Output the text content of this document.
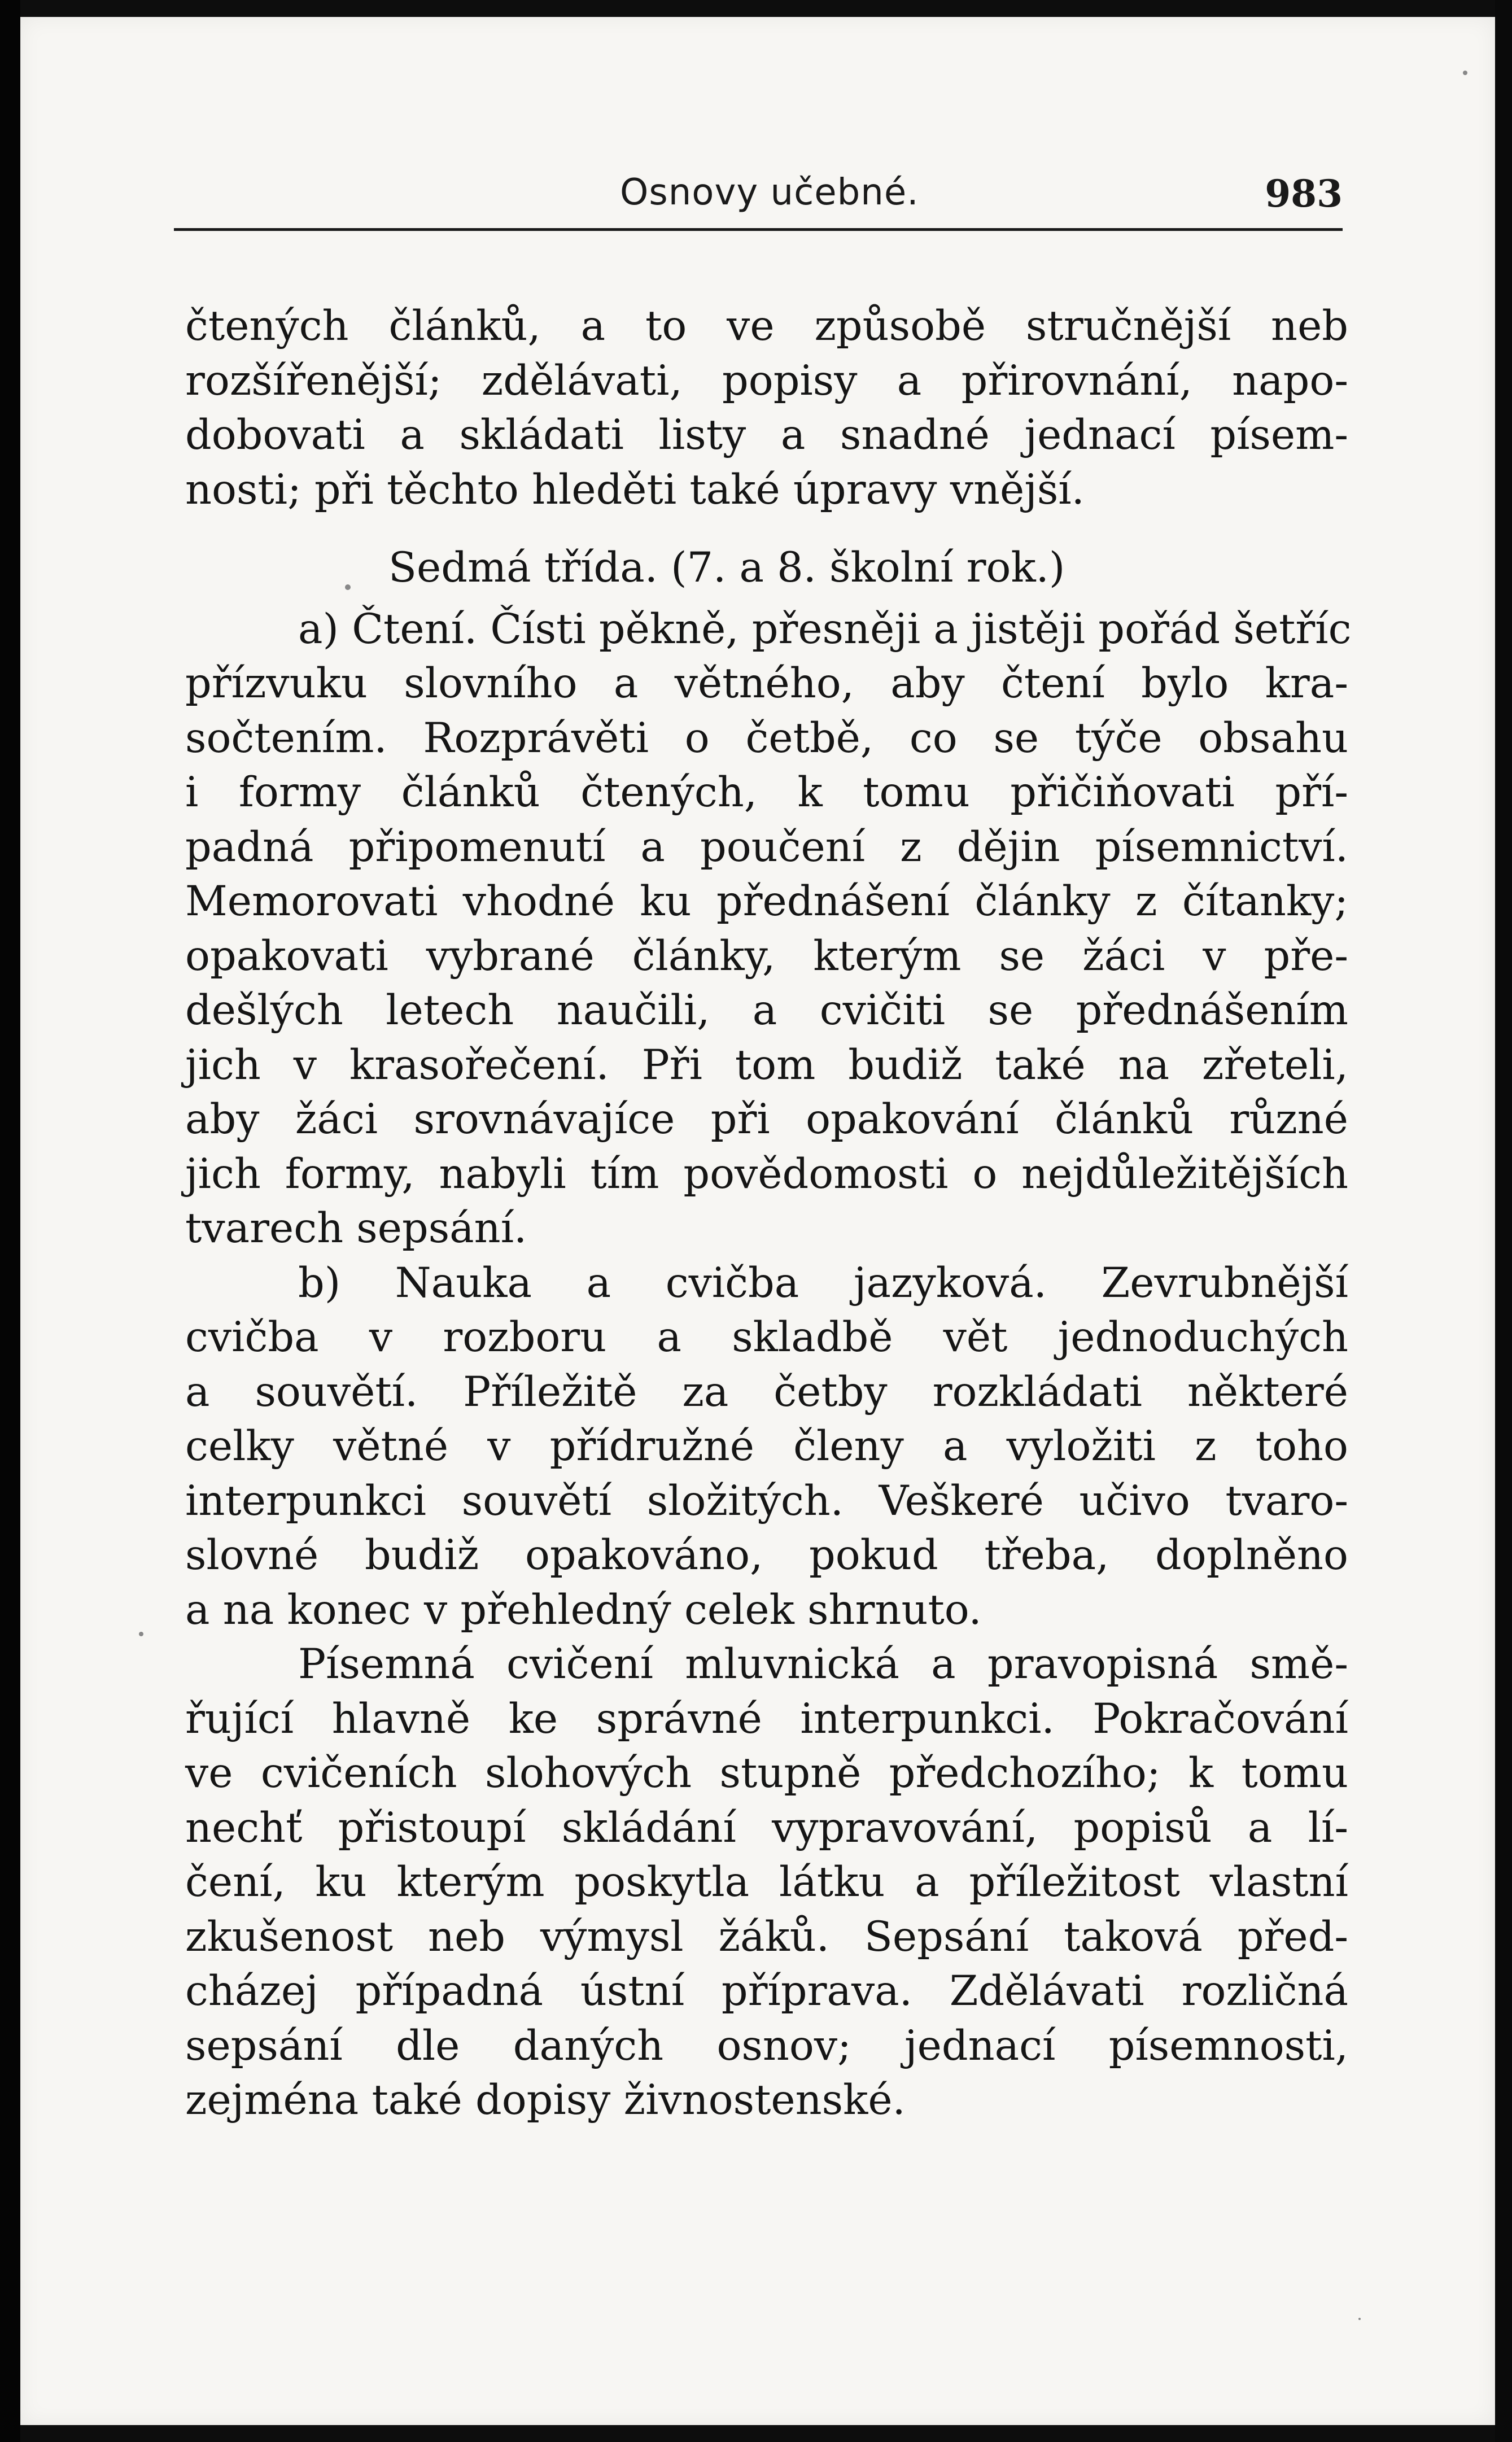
Osnovy učebné.	983
čtených článků, a to ve způsobě stručnější neb
rozšířenější; zdělávati, popisy a přirovnání, napo-
dobovati a skládati listy a snadné jednací písem-
nosti; při těchto hleděti také úpravy vnější.
Sedmá třída. (7. a 8. školní rok.)
a) Čtení. Čísti pěkně, přesněji a jistěji pořád šetříc
přízvuku slovního a větného, aby čtení bylo kra-
sočtením. Rozprávěti o četbě, co se týče obsahu
i formy článků čtených, k tomu přičiňovati pří-
padná připomenutí a poučení z dějin písemnictví.
Memorovati vhodné ku přednášení články z čítanky;
opakovati vybrané články, kterým se žáci v pře-
dešlých letech naučili, a cvičiti se přednášením
jich v krasořečení. Při tom budiž také na zřeteli,
aby žáci srovnávajíce při opakování článků různé
jich formy, nabyli tím povědomosti o nejdůležitějších
tvarech sepsání.
b) Nauka a cvičba jazyková. Zevrubnější
cvičba v rozboru a skladbě vět jednoduchých
a souvětí. Příležitě za četby rozkládati některé
celky větné v přídružné členy a vyložiti z toho
interpunkci souvětí složitých. Veškeré učivo tvaro-
slovné budiž opakováno, pokud třeba, doplněno
a na konec v přehledný celek shrnuto.
Písemná cvičení mluvnická a pravopisná smě-
řující hlavně ke správné interpunkci. Pokračování
ve cvičeních slohových stupně předchozího; k tomu
nechť přistoupí skládání vypravování, popisů a lí-
čení, ku kterým poskytla látku a příležitost vlastní
zkušenost neb výmysl žáků. Sepsání taková před-
cházej případná ústní příprava. Zdělávati rozličná
sepsání dle daných osnov; jednací písemnosti,
zejména také dopisy živnostenské.
